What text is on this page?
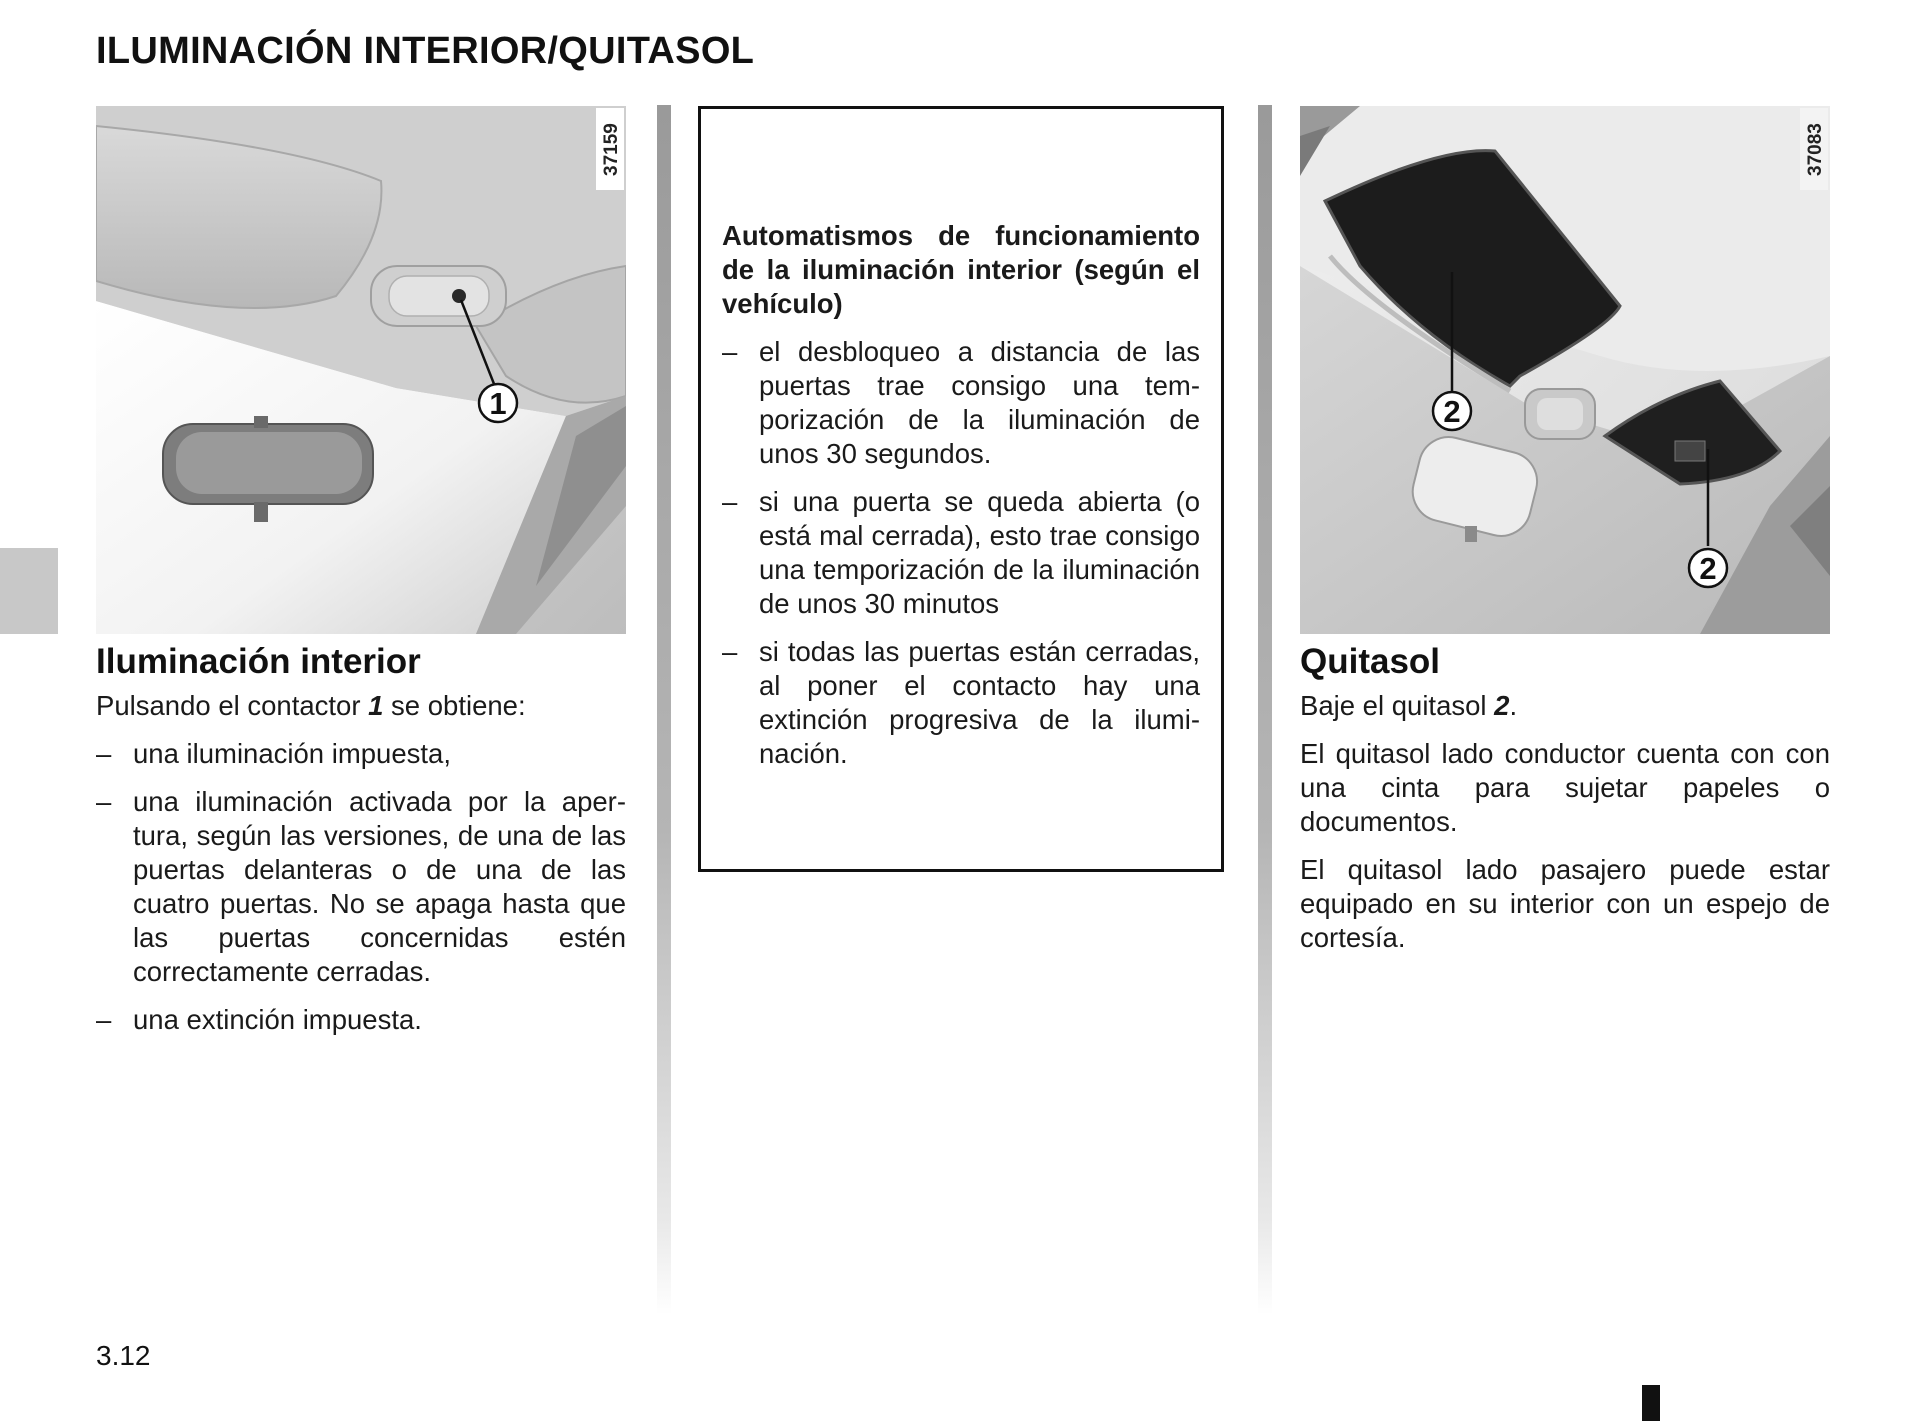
ILUMINACIÓN INTERIOR/QUITASOL
1
37159
Iluminación interior

Pulsando el contactor 1 se obtiene:

– una iluminación impuesta,
– una iluminación activada por la apertura, según las versiones, de una de las puertas delanteras o de una de las cuatro puertas. No se apaga hasta que las puertas concernidas estén correctamente cerradas.
– una extinción impuesta.

Automatismos de funcionamiento de la iluminación interior (según el vehículo)

– el desbloqueo a distancia de las puertas trae consigo una temporización de la iluminación de unos 30 segundos.
– si una puerta se queda abierta (o está mal cerrada), esto trae consigo una temporización de la iluminación de unos 30 minutos
– si todas las puertas están cerradas, al poner el contacto hay una extinción progresiva de la iluminación.
2
2
37083
Quitasol

Baje el quitasol 2.

El quitasol lado conductor cuenta con con una cinta para sujetar papeles o documentos.

El quitasol lado pasajero puede estar equipado en su interior con un espejo de cortesía.

3.12
